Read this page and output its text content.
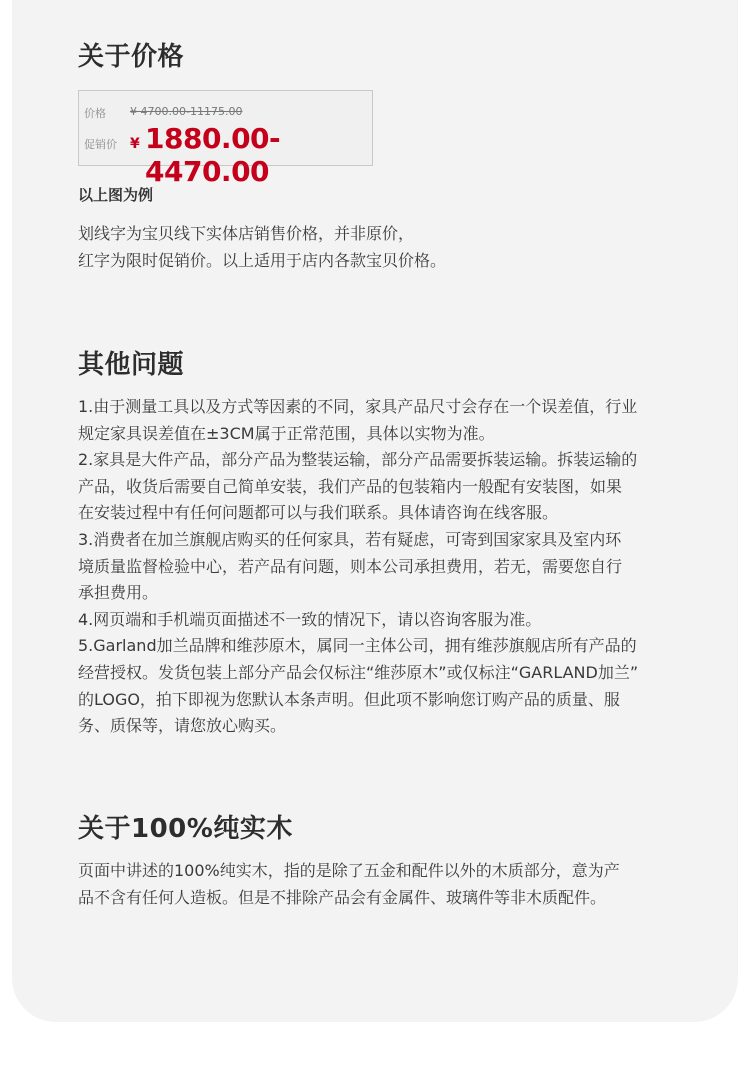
关于价格
价格 ¥ 4700.00-11175.00
促销价 ¥ 1880.00-4470.00
以上图为例
划线字为宝贝线下实体店销售价格，并非原价，
红字为限时促销价。以上适用于店内各款宝贝价格。
其他问题
1.由于测量工具以及方式等因素的不同，家具产品尺寸会存在一个误差值，行业
规定家具误差值在±3CM属于正常范围，具体以实物为准。
2.家具是大件产品，部分产品为整装运输，部分产品需要拆装运输。拆装运输的
产品，收货后需要自己简单安装，我们产品的包装箱内一般配有安装图，如果
在安装过程中有任何问题都可以与我们联系。具体请咨询在线客服。
3.消费者在加兰旗舰店购买的任何家具，若有疑虑，可寄到国家家具及室内环
境质量监督检验中心，若产品有问题，则本公司承担费用，若无，需要您自行
承担费用。
4.网页端和手机端页面描述不一致的情况下，请以咨询客服为准。
5.Garland加兰品牌和维莎原木，属同一主体公司，拥有维莎旗舰店所有产品的
经营授权。发货包装上部分产品会仅标注“维莎原木”或仅标注“GARLAND加兰”
的LOGO，拍下即视为您默认本条声明。但此项不影响您订购产品的质量、服
务、质保等，请您放心购买。
关于100%纯实木
页面中讲述的100%纯实木，指的是除了五金和配件以外的木质部分，意为产
品不含有任何人造板。但是不排除产品会有金属件、玻璃件等非木质配件。
